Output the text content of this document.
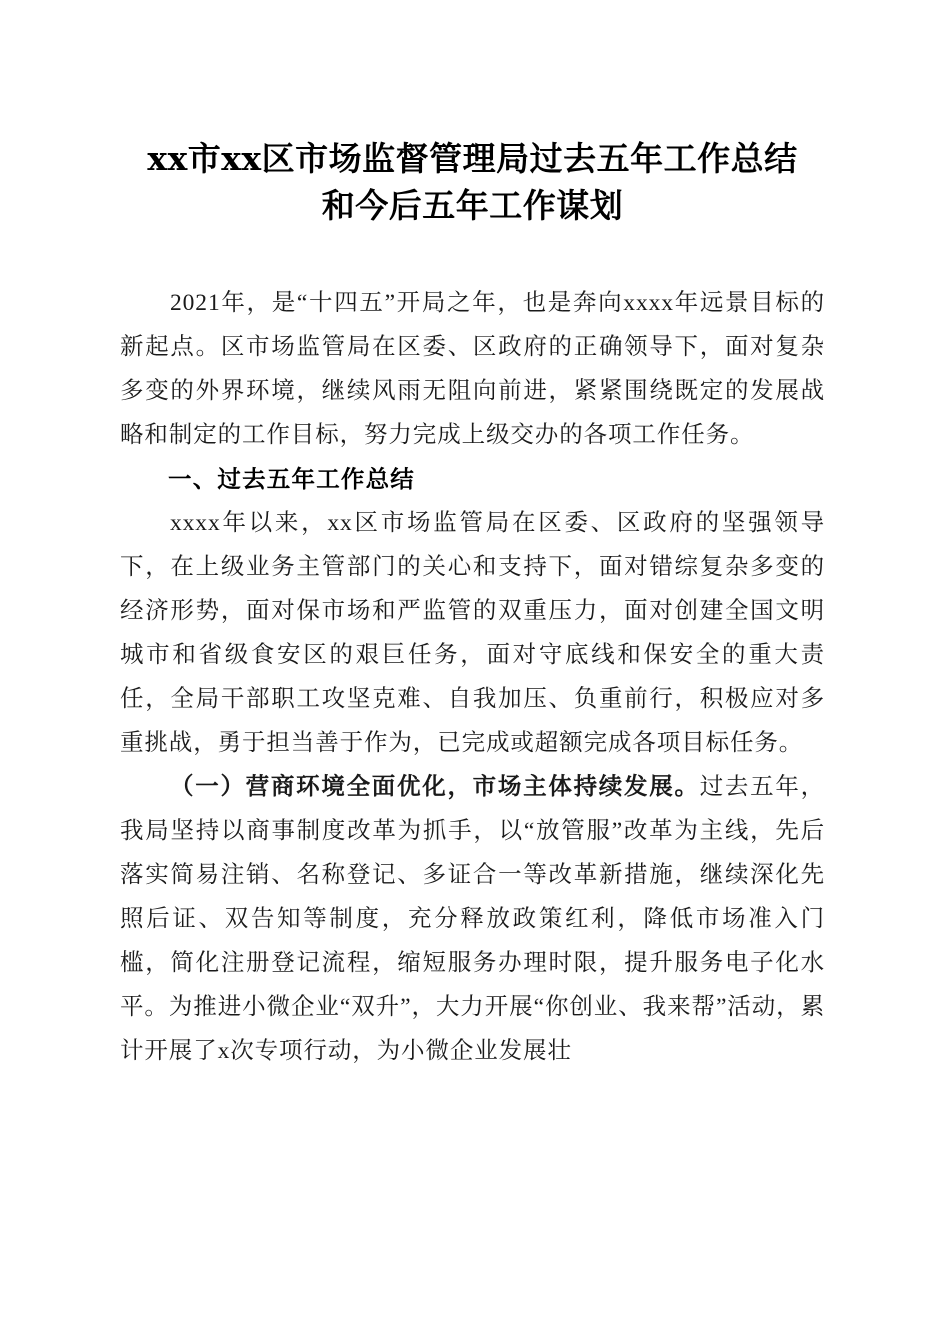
xx市xx区市场监督管理局过去五年工作总结 和今后五年工作谋划

2021年，是“十四五”开局之年，也是奔向xxxx年远景目标的新起点。区市场监管局在区委、区政府的正确领导下，面对复杂多变的外界环境，继续风雨无阻向前进，紧紧围绕既定的发展战略和制定的工作目标，努力完成上级交办的各项工作任务。

一、过去五年工作总结

xxxx年以来，xx区市场监管局在区委、区政府的坚强领导下，在上级业务主管部门的关心和支持下，面对错综复杂多变的经济形势，面对保市场和严监管的双重压力，面对创建全国文明城市和省级食安区的艰巨任务，面对守底线和保安全的重大责任，全局干部职工攻坚克难、自我加压、负重前行，积极应对多重挑战，勇于担当善于作为，已完成或超额完成各项目标任务。

（一）营商环境全面优化，市场主体持续发展。过去五年，我局坚持以商事制度改革为抓手，以“放管服”改革为主线，先后落实简易注销、名称登记、多证合一等改革新措施，继续深化先照后证、双告知等制度，充分释放政策红利，降低市场准入门槛，简化注册登记流程，缩短服务办理时限，提升服务电子化水平。为推进小微企业“双升”，大力开展“你创业、我来帮”活动，累计开展了x次专项行动，为小微企业发展壮
